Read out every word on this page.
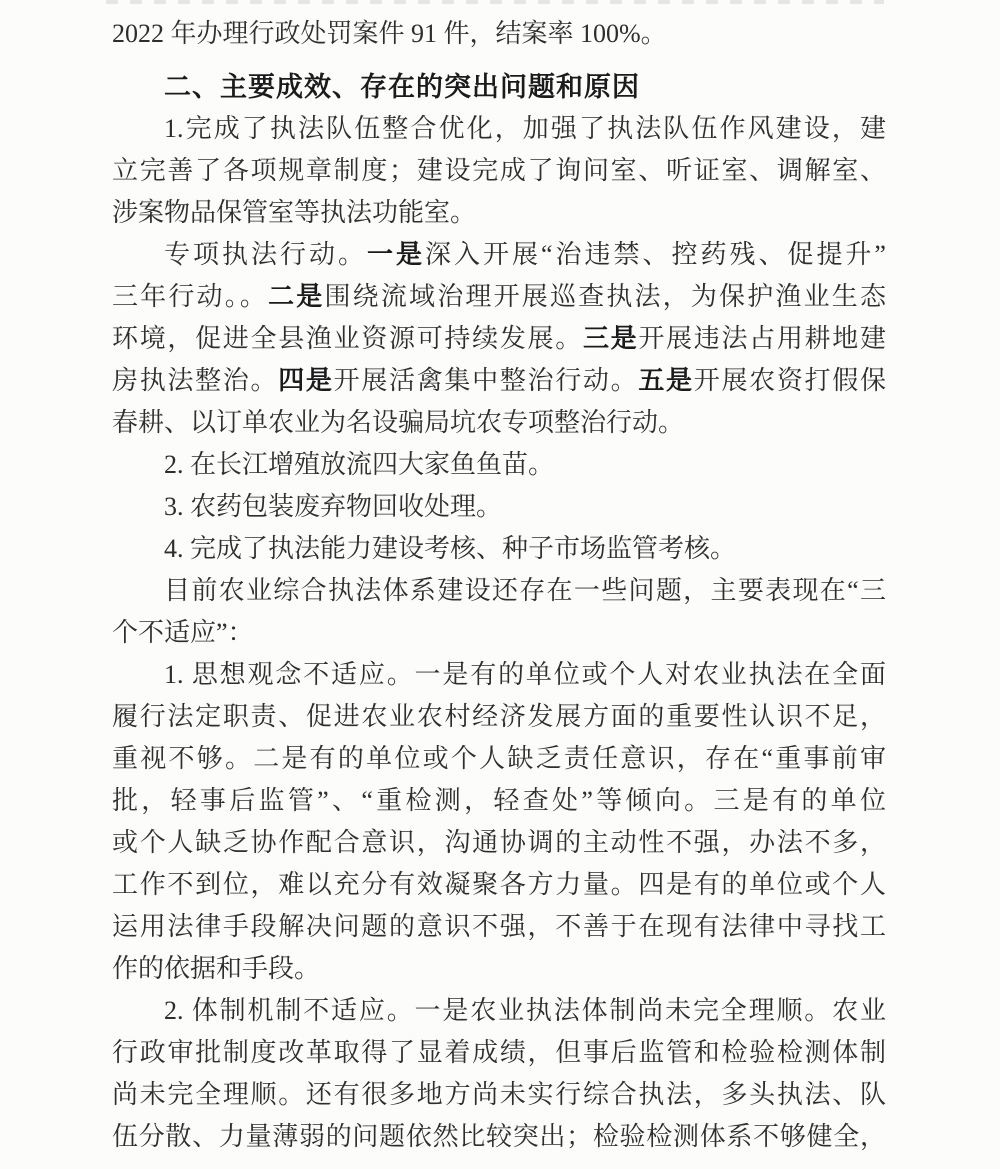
2022 年办理行政处罚案件 91 件，结案率 100%。
二、主要成效、存在的突出问题和原因
1.完成了执法队伍整合优化，加强了执法队伍作风建设，建
立完善了各项规章制度；建设完成了询问室、听证室、调解室、
涉案物品保管室等执法功能室。
专项执法行动。一是深入开展“治违禁、控药残、促提升”
三年行动。。二是围绕流域治理开展巡查执法，为保护渔业生态
环境，促进全县渔业资源可持续发展。三是开展违法占用耕地建
房执法整治。四是开展活禽集中整治行动。五是开展农资打假保
春耕、以订单农业为名设骗局坑农专项整治行动。
2. 在长江增殖放流四大家鱼鱼苗。
3. 农药包装废弃物回收处理。
4. 完成了执法能力建设考核、种子市场监管考核。
目前农业综合执法体系建设还存在一些问题，主要表现在“三
个不适应”：
1. 思想观念不适应。一是有的单位或个人对农业执法在全面
履行法定职责、促进农业农村经济发展方面的重要性认识不足，
重视不够。二是有的单位或个人缺乏责任意识，存在“重事前审
批，轻事后监管”、“重检测，轻查处”等倾向。三是有的单位
或个人缺乏协作配合意识，沟通协调的主动性不强，办法不多，
工作不到位，难以充分有效凝聚各方力量。四是有的单位或个人
运用法律手段解决问题的意识不强，不善于在现有法律中寻找工
作的依据和手段。
2. 体制机制不适应。一是农业执法体制尚未完全理顺。农业
行政审批制度改革取得了显着成绩，但事后监管和检验检测体制
尚未完全理顺。还有很多地方尚未实行综合执法，多头执法、队
伍分散、力量薄弱的问题依然比较突出；检验检测体系不够健全，
